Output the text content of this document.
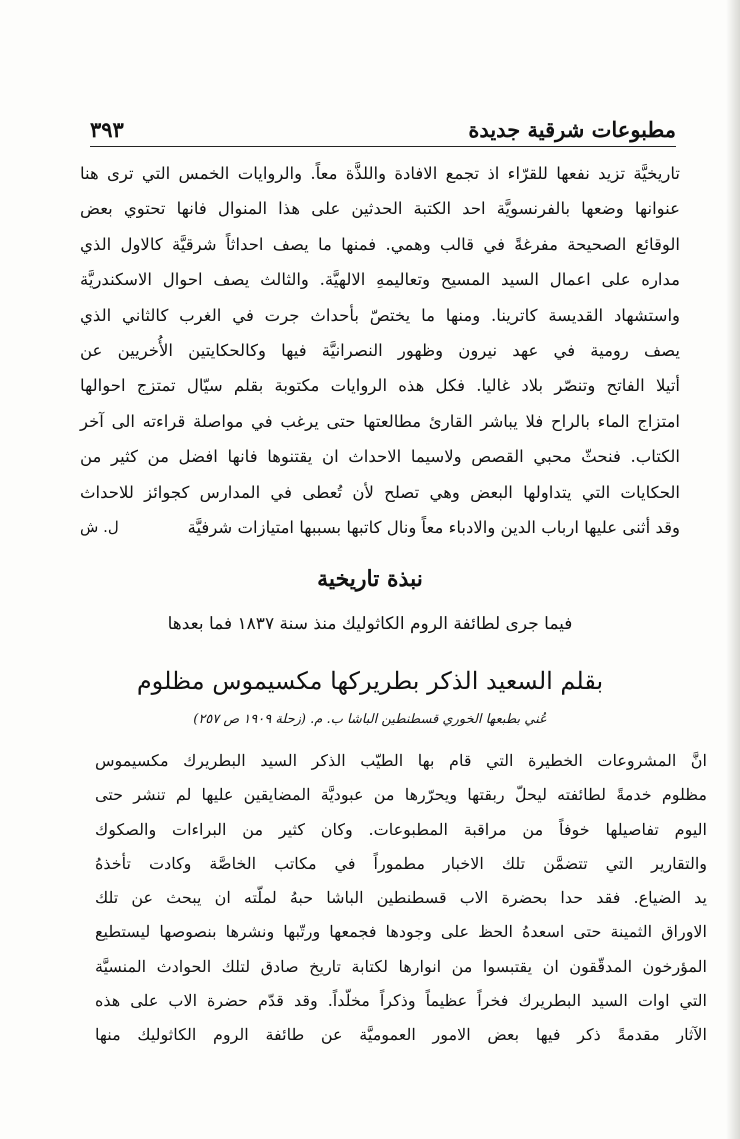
مطبوعات شرقية جديدة
٣٩٣
تاريخيَّة تزيد نفعها للقرّاء اذ تجمع الافادة واللذَّة معاً. والروايات الخمس التي ترى هنا
عنوانها وضعها بالفرنسويَّة احد الكتبة الحدثين على هذا المنوال فانها تحتوي بعض
الوقائع الصحيحة مفرغةً في قالب وهمي. فمنها ما يصف احداثاً شرقيَّة كالاول الذي
مداره على اعمال السيد المسيح وتعاليمهِ الالهيَّة. والثالث يصف احوال الاسكندريَّة
واستشهاد القديسة كاترينا. ومنها ما يختصّ بأحداث جرت في الغرب كالثاني الذي
يصف رومية في عهد نيرون وظهور النصرانيَّة فيها وكالحكايتين الأُخريين عن
أتيلا الفاتح وتنصّر بلاد غاليا. فكل هذه الروايات مكتوبة بقلم سيّال تمتزج احوالها
امتزاج الماء بالراح فلا يباشر القارئ مطالعتها حتى يرغب في مواصلة قراءته الى آخر
الكتاب. فنحثّ محبي القصص ولاسيما الاحداث ان يقتنوها فانها افضل من كثير من
الحكايات التي يتداولها البعض وهي تصلح لأن تُعطى في المدارس كجوائز للاحداث
وقد أثنى عليها ارباب الدين والادباء معاً ونال كاتبها بسببها امتيازات شرفيَّة
ل. ش
نبذة تاريخية
فيما جرى لطائفة الروم الكاثوليك منذ سنة ١٨٣٧ فما بعدها
بقلم السعيد الذكر بطريركها مكسيموس مظلوم
عُني بطبعها الخوري قسطنطين الباشا ب. م. (زحلة ١٩٠٩ ص ٢٥٧)
انَّ المشروعات الخطيرة التي قام بها الطيّب الذكر السيد البطريرك مكسيموس
مظلوم خدمةً لطائفته ليحلّ ربقتها ويحرّرها من عبوديَّة المضايقين عليها لم تنشر حتى
اليوم تفاصيلها خوفاً من مراقبة المطبوعات. وكان كثير من البراءات والصكوك
والتقارير التي تتضمَّن تلك الاخبار مطموراً في مكاتب الخاصَّة وكادت تأخذهُ
يد الضياع. فقد حدا بحضرة الاب قسطنطين الباشا حبهُ لملّته ان يبحث عن تلك
الاوراق الثمينة حتى اسعدهُ الحظ على وجودها فجمعها ورتّبها ونشرها بنصوصها ليستطيع
المؤرخون المدقّقون ان يقتبسوا من انوارها لكتابة تاريخ صادق لتلك الحوادث المنسيَّة
التي اوات السيد البطريرك فخراً عظيماً وذكراً مخلّداً. وقد قدّم حضرة الاب على هذه
الآثار مقدمةً ذكر فيها بعض الامور العموميَّة عن طائفة الروم الكاثوليك منها
